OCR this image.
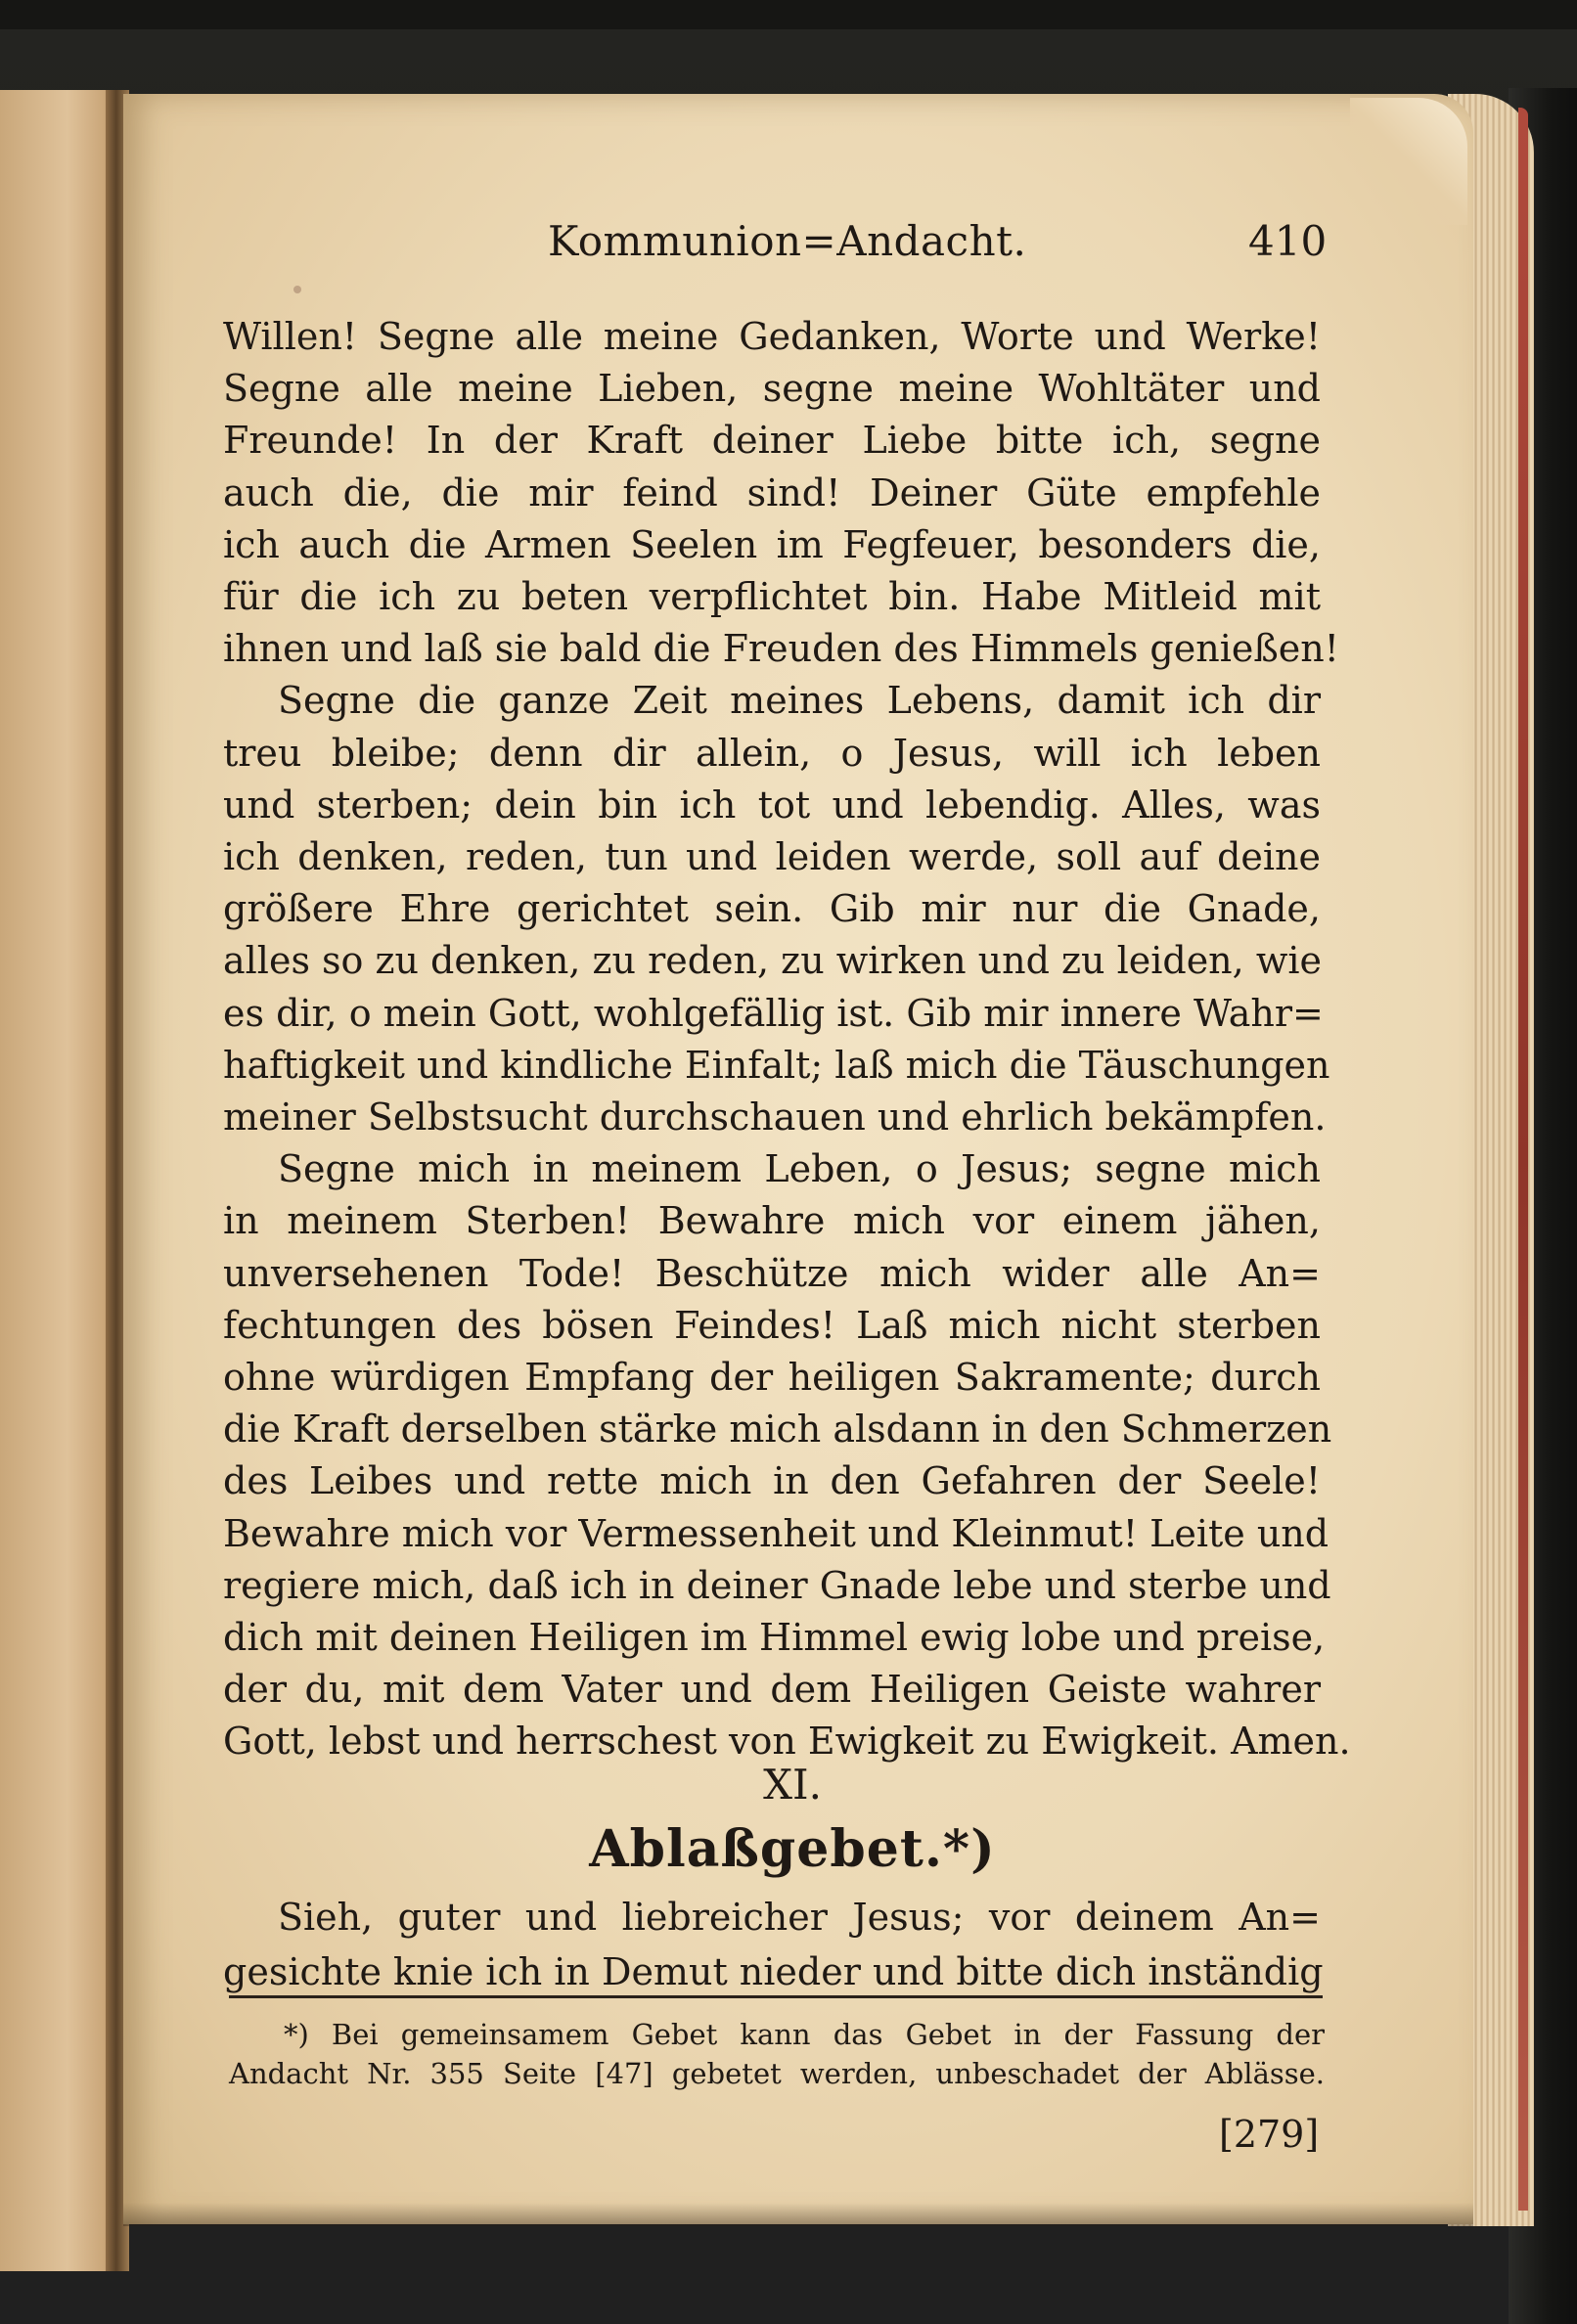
Kommunion=Andacht.	410
Willen! Segne alle meine Gedanken, Worte und Werke!
Segne alle meine Lieben, segne meine Wohltäter und
Freunde! In der Kraft deiner Liebe bitte ich, segne
auch die, die mir feind sind! Deiner Güte empfehle
ich auch die Armen Seelen im Fegfeuer, besonders die,
für die ich zu beten verpflichtet bin. Habe Mitleid mit
ihnen und laß sie bald die Freuden des Himmels genießen!
Segne die ganze Zeit meines Lebens, damit ich dir
treu bleibe; denn dir allein, o Jesus, will ich leben
und sterben; dein bin ich tot und lebendig. Alles, was
ich denken, reden, tun und leiden werde, soll auf deine
größere Ehre gerichtet sein. Gib mir nur die Gnade,
alles so zu denken, zu reden, zu wirken und zu leiden, wie
es dir, o mein Gott, wohlgefällig ist. Gib mir innere Wahr=
haftigkeit und kindliche Einfalt; laß mich die Täuschungen
meiner Selbstsucht durchschauen und ehrlich bekämpfen.
Segne mich in meinem Leben, o Jesus; segne mich
in meinem Sterben! Bewahre mich vor einem jähen,
unversehenen Tode! Beschütze mich wider alle An=
fechtungen des bösen Feindes! Laß mich nicht sterben
ohne würdigen Empfang der heiligen Sakramente; durch
die Kraft derselben stärke mich alsdann in den Schmerzen
des Leibes und rette mich in den Gefahren der Seele!
Bewahre mich vor Vermessenheit und Kleinmut! Leite und
regiere mich, daß ich in deiner Gnade lebe und sterbe und
dich mit deinen Heiligen im Himmel ewig lobe und preise,
der du, mit dem Vater und dem Heiligen Geiste wahrer
Gott, lebst und herrschest von Ewigkeit zu Ewigkeit. Amen.
XI.
Ablaßgebet.*)
Sieh, guter und liebreicher Jesus; vor deinem An=
gesichte knie ich in Demut nieder und bitte dich inständig
*) Bei gemeinsamem Gebet kann das Gebet in der Fassung der
Andacht Nr. 355 Seite [47] gebetet werden, unbeschadet der Ablässe.
[279]
